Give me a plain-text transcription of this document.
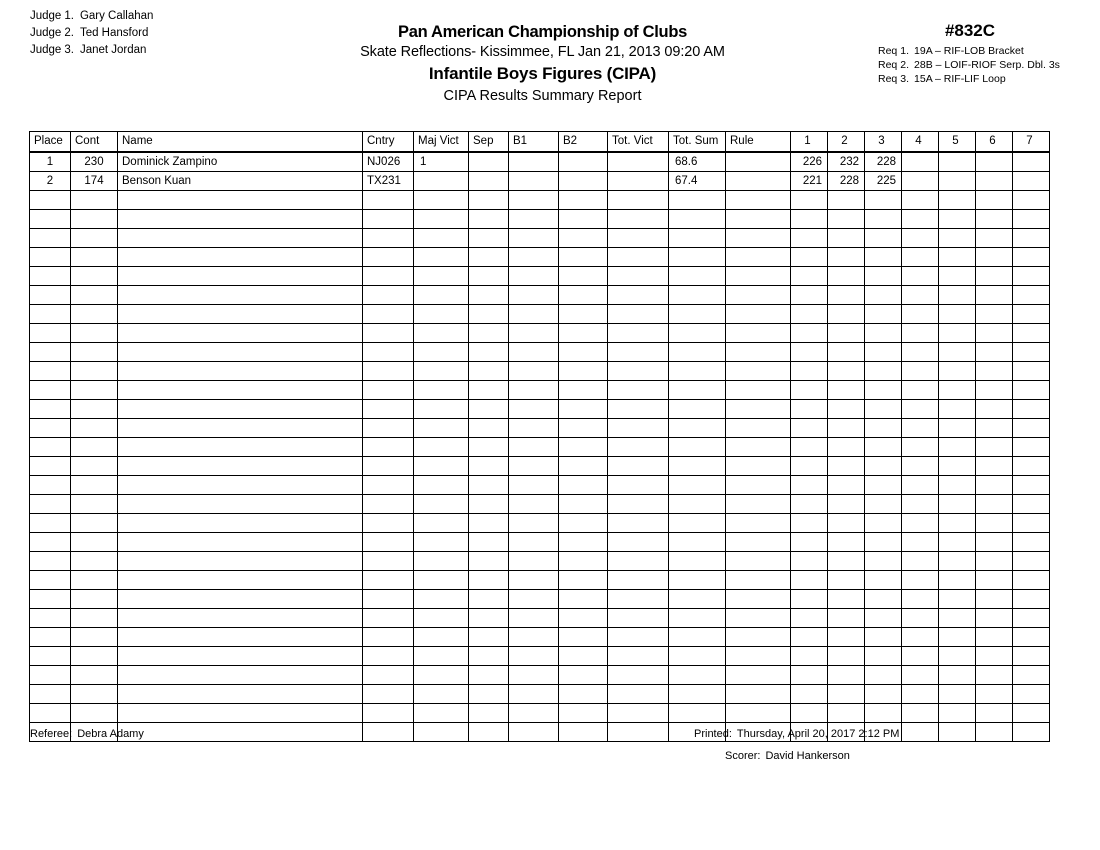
Judge 1. Gary Callahan
Judge 2. Ted Hansford
Judge 3. Janet Jordan
Pan American Championship of Clubs
Skate Reflections- Kissimmee, FL Jan 21, 2013 09:20 AM
Infantile Boys Figures (CIPA)
CIPA Results Summary Report
#832C
Req 1. 19A – RIF-LOB Bracket
Req 2. 28B – LOIF-RIOF Serp. Dbl. 3s
Req 3. 15A – RIF-LIF Loop
Place	Cont	Name	Cntry	Maj Vict	Sep	B1	B2	Tot. Vict	Tot. Sum	Rule	1	2	3	4	5	6	7
1	230	Dominick Zampino	NJ026	1					68.6		226	232	228				
2	174	Benson Kuan	TX231						67.4		221	228	225				

Referee: Debra Adamy	Printed: Thursday, April 20, 2017 2:12 PM
Scorer: David Hankerson
